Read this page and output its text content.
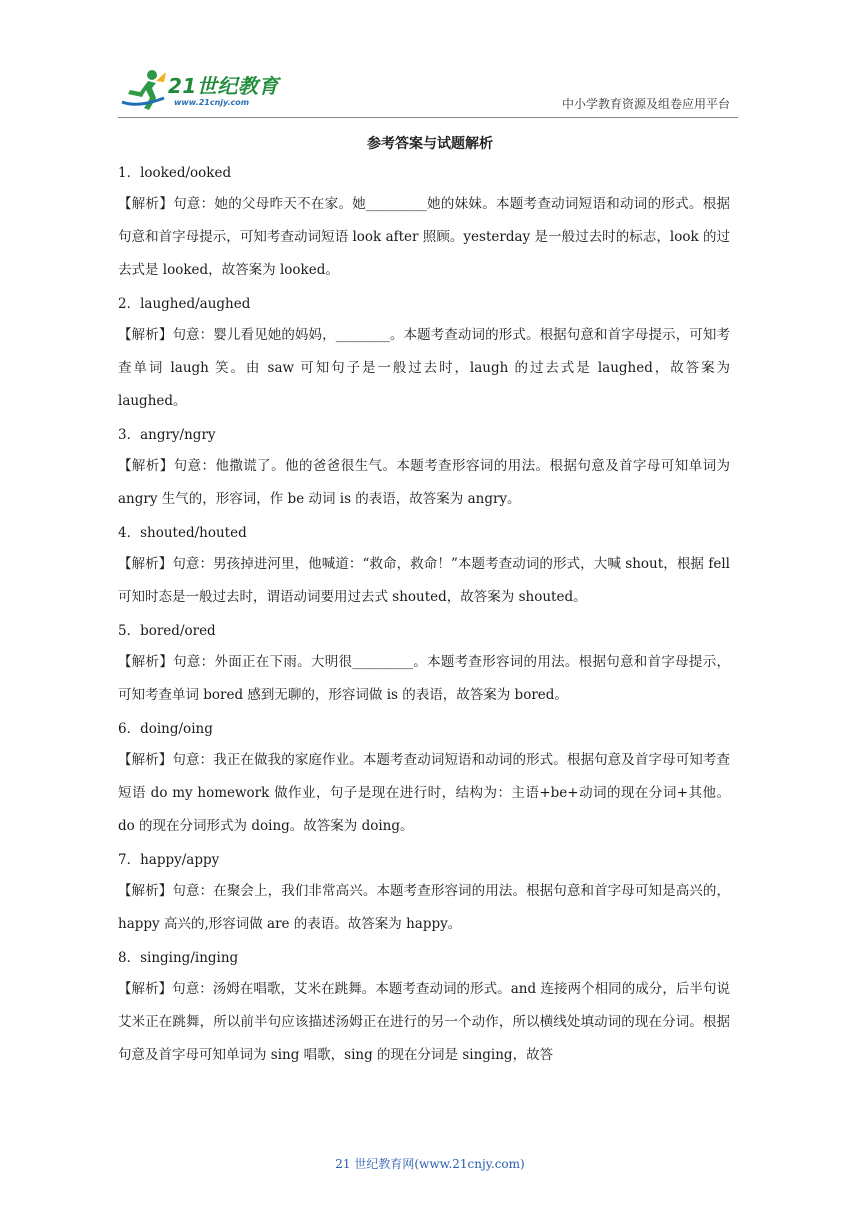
21世纪教育
www.21cnjy.com	中小学教育资源及组卷应用平台
参考答案与试题解析

1．looked/ooked

【解析】句意：她的父母昨天不在家。她_________她的妹妹。本题考查动词短语和动词的形式。根据句意和首字母提示，可知考查动词短语 look after 照顾。yesterday 是一般过去时的标志，look 的过去式是 looked，故答案为 looked。

2．laughed/aughed

【解析】句意：婴儿看见她的妈妈，________。本题考查动词的形式。根据句意和首字母提示，可知考查单词 laugh 笑。由 saw 可知句子是一般过去时，laugh 的过去式是 laughed，故答案为 laughed。

3．angry/ngry

【解析】句意：他撒谎了。他的爸爸很生气。本题考查形容词的用法。根据句意及首字母可知单词为 angry 生气的，形容词，作 be 动词 is 的表语，故答案为 angry。

4．shouted/houted

【解析】句意：男孩掉进河里，他喊道：“救命，救命！”本题考查动词的形式，大喊 shout，根据 fell 可知时态是一般过去时，谓语动词要用过去式 shouted，故答案为 shouted。

5．bored/ored

【解析】句意：外面正在下雨。大明很_________。本题考查形容词的用法。根据句意和首字母提示，可知考查单词 bored 感到无聊的，形容词做 is 的表语，故答案为 bored。

6．doing/oing

【解析】句意：我正在做我的家庭作业。本题考查动词短语和动词的形式。根据句意及首字母可知考查短语 do my homework 做作业，句子是现在进行时，结构为：主语+be+动词的现在分词+其他。do 的现在分词形式为 doing。故答案为 doing。

7．happy/appy

【解析】句意：在聚会上，我们非常高兴。本题考查形容词的用法。根据句意和首字母可知是高兴的，happy 高兴的,形容词做 are 的表语。故答案为 happy。

8．singing/inging

【解析】句意：汤姆在唱歌，艾米在跳舞。本题考查动词的形式。and 连接两个相同的成分，后半句说艾米正在跳舞，所以前半句应该描述汤姆正在进行的另一个动作，所以横线处填动词的现在分词。根据句意及首字母可知单词为 sing 唱歌，sing 的现在分词是 singing，故答

21 世纪教育网(www.21cnjy.com)
